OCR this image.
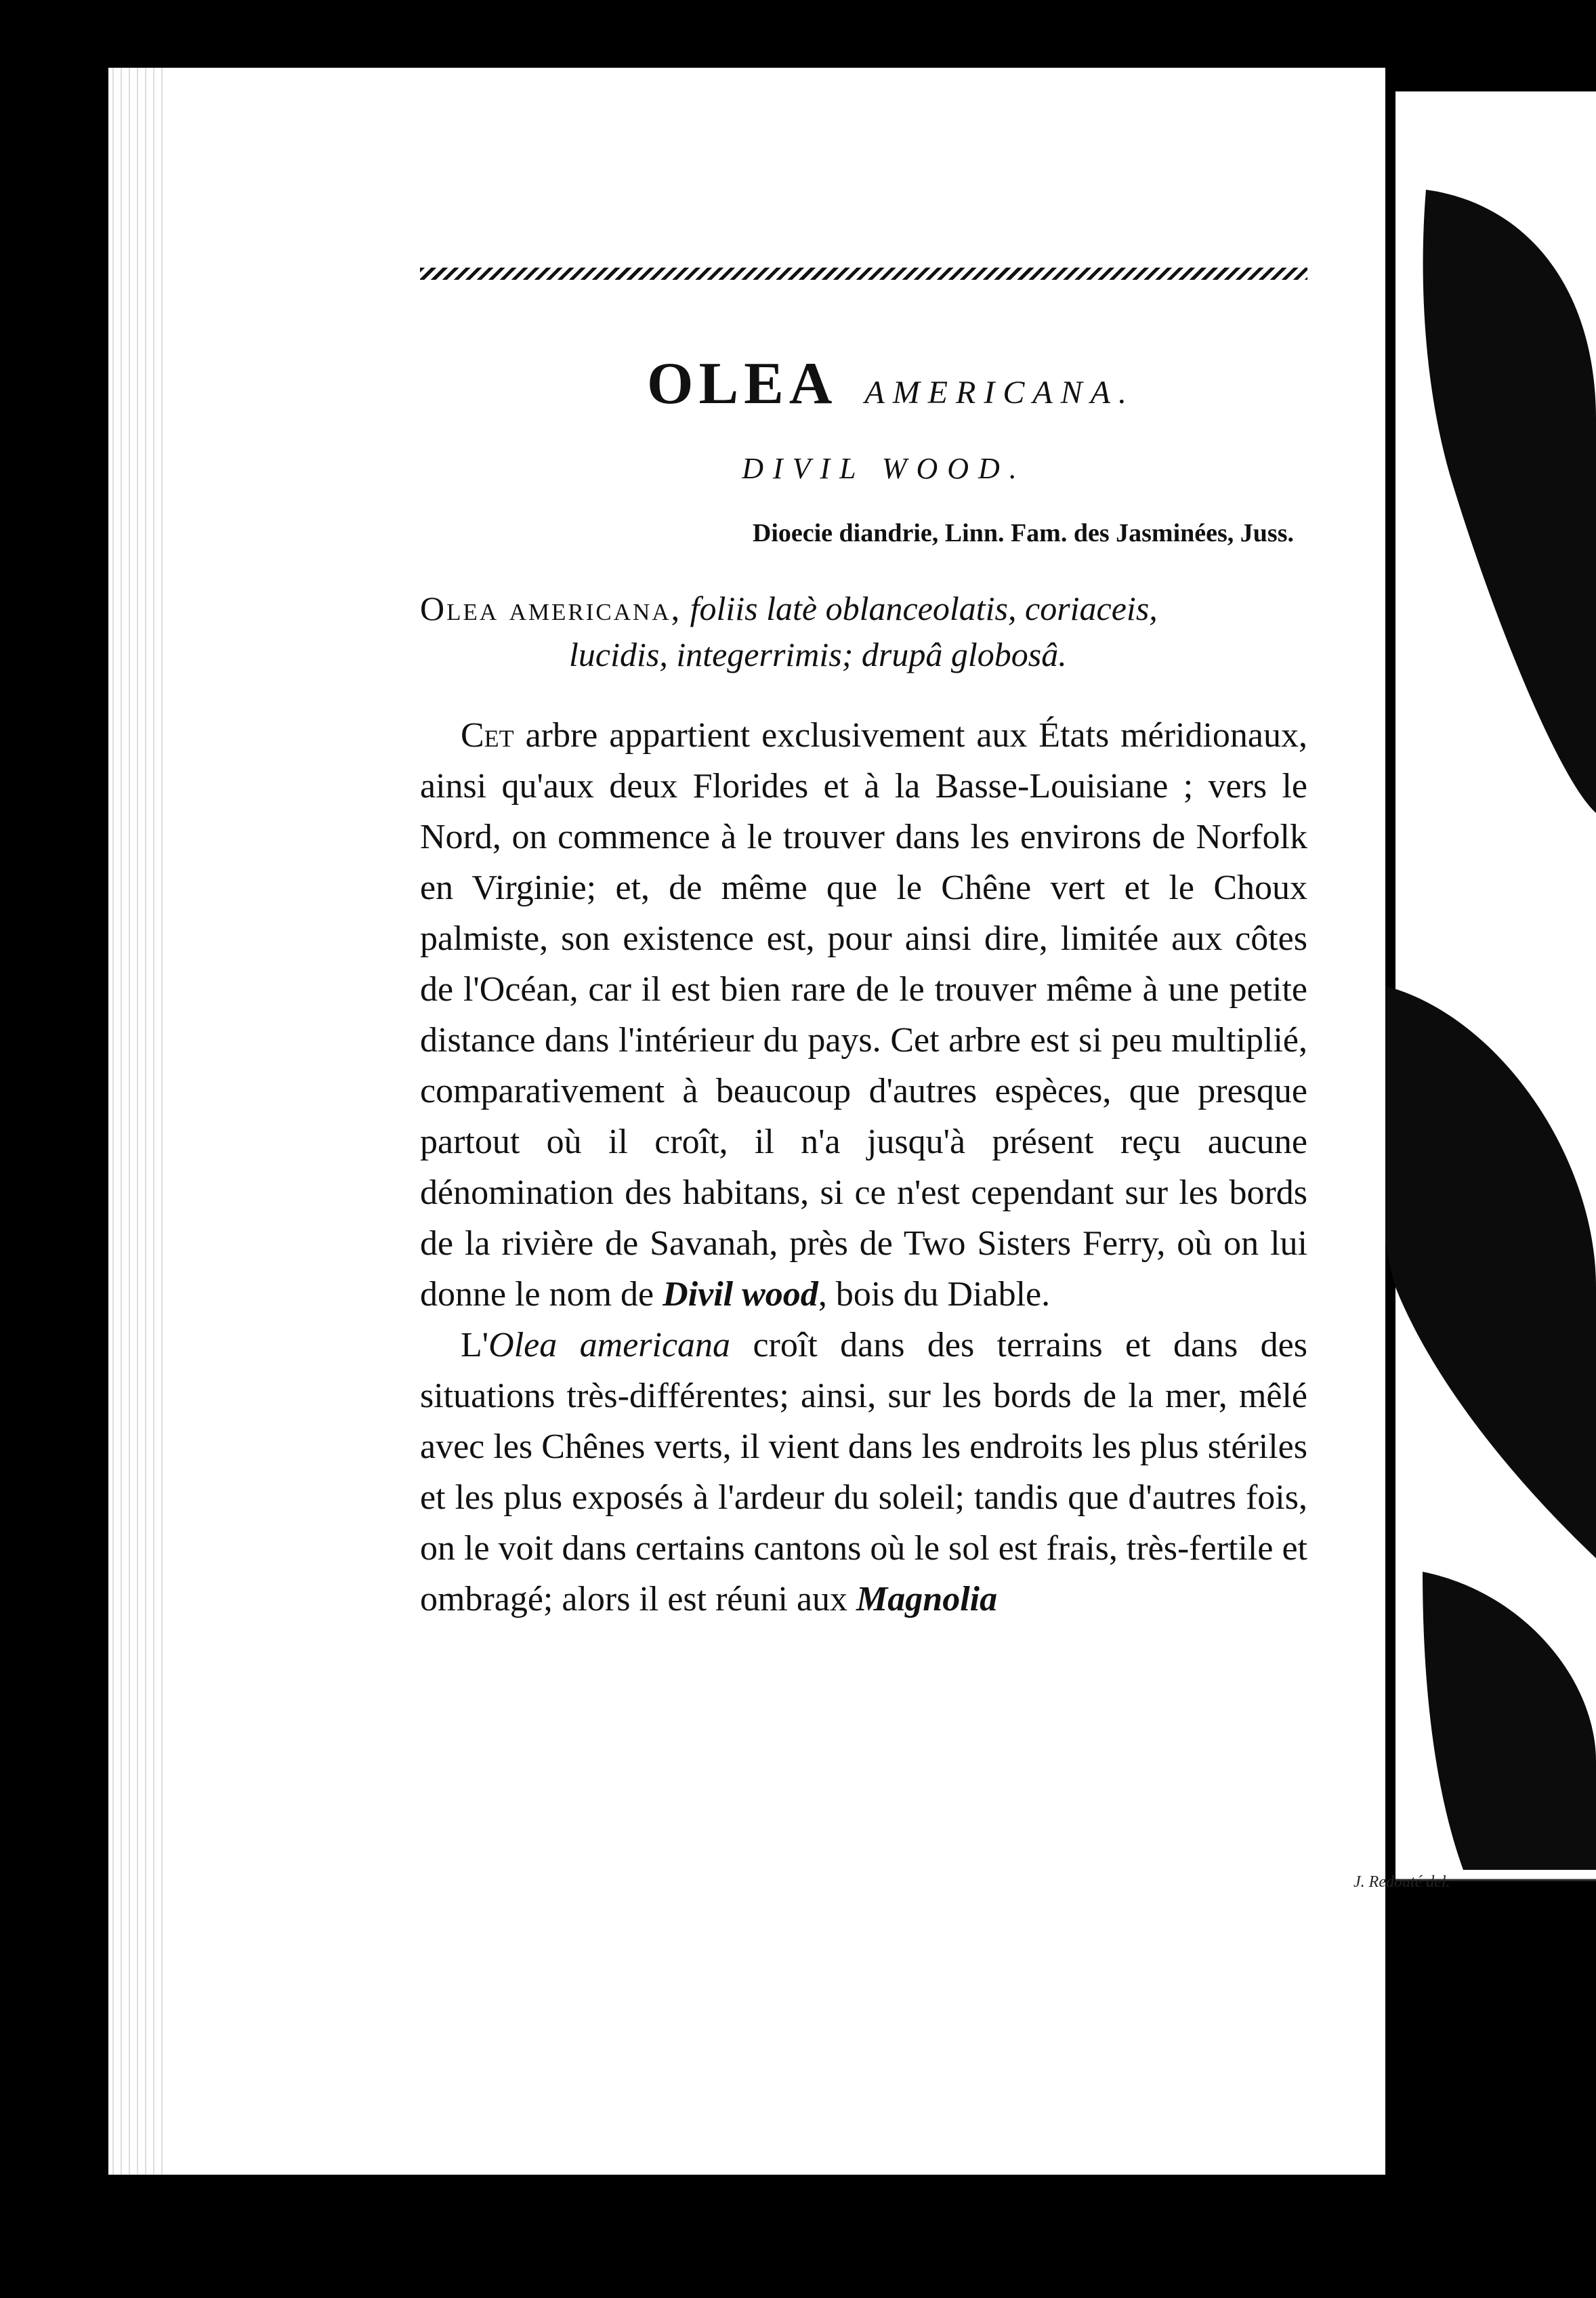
OLEA AMERICANA.
DIVIL WOOD.
Dioecie diandrie, Linn. Fam. des Jasminées, Juss.
Olea americana, foliis latè oblanceolatis, coriaceis,
lucidis, integerrimis; drupâ globosâ.

Cet arbre appartient exclusivement aux États méridionaux, ainsi qu'aux deux Florides et à la Basse-Louisiane ; vers le Nord, on commence à le trouver dans les environs de Norfolk en Virginie; et, de même que le Chêne vert et le Choux palmiste, son existence est, pour ainsi dire, limitée aux côtes de l'Océan, car il est bien rare de le trouver même à une petite distance dans l'intérieur du pays. Cet arbre est si peu multiplié, comparativement à beaucoup d'autres espèces, que presque partout où il croît, il n'a jusqu'à présent reçu aucune dénomination des habitans, si ce n'est cependant sur les bords de la rivière de Savanah, près de Two Sisters Ferry, où on lui donne le nom de Divil wood, bois du Diable.

L'Olea americana croît dans des terrains et dans des situations très-différentes; ainsi, sur les bords de la mer, mêlé avec les Chênes verts, il vient dans les endroits les plus stériles et les plus exposés à l'ardeur du soleil; tandis que d'autres fois, on le voit dans certains cantons où le sol est frais, très-fertile et ombragé; alors il est réuni aux Magnolia

J. Redouté del.
